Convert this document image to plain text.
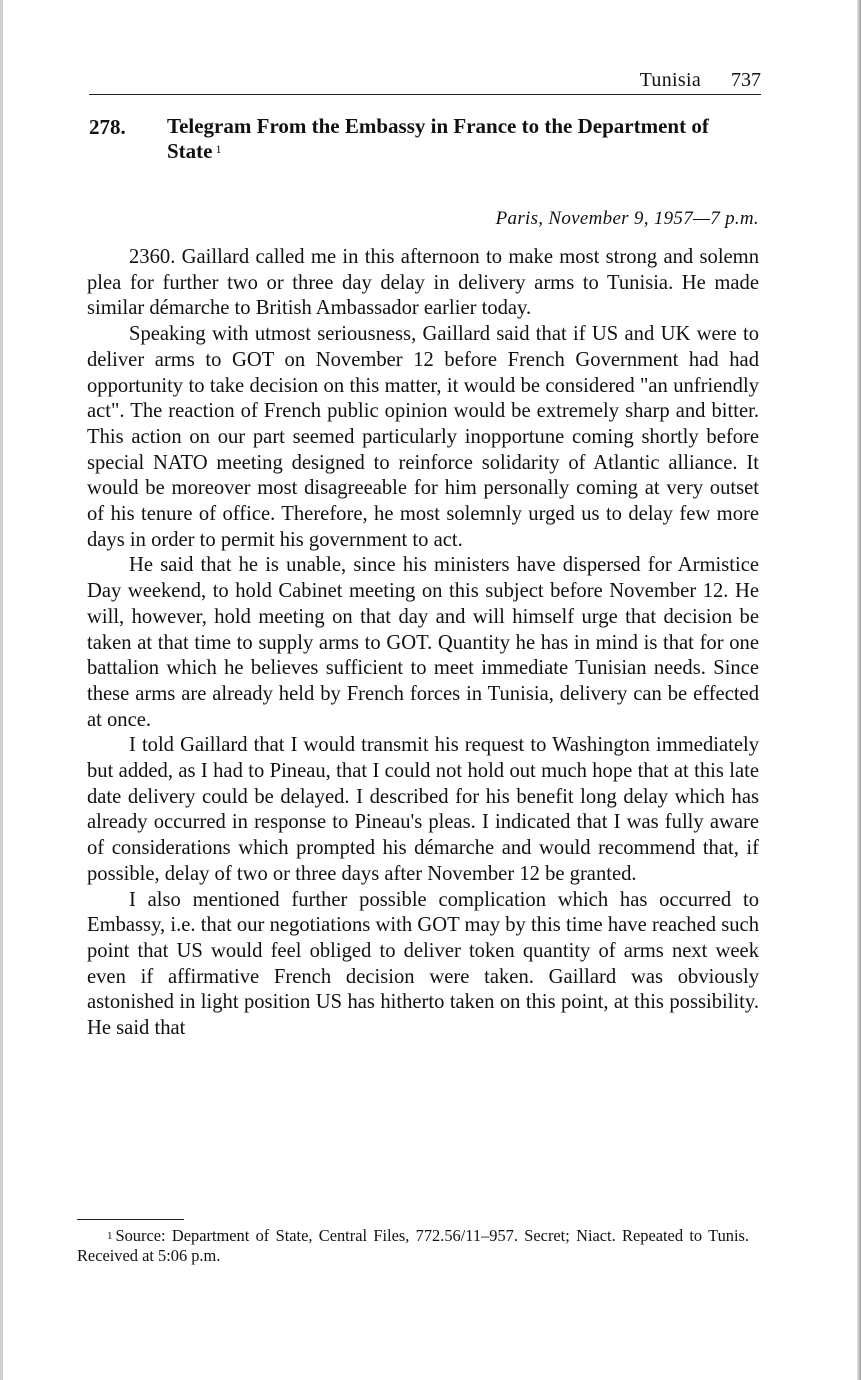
Tunisia 737
278. Telegram From the Embassy in France to the Department of State $^1$
Paris, November 9, 1957—7 p.m.

2360. Gaillard called me in this afternoon to make most strong and solemn plea for further two or three day delay in delivery arms to Tunisia. He made similar démarche to British Ambassador earlier today.

Speaking with utmost seriousness, Gaillard said that if US and UK were to deliver arms to GOT on November 12 before French Government had had opportunity to take decision on this matter, it would be considered "an unfriendly act". The reaction of French public opinion would be extremely sharp and bitter. This action on our part seemed particularly inopportune coming shortly before special NATO meeting designed to reinforce solidarity of Atlantic alliance. It would be moreover most disagreeable for him personally coming at very outset of his tenure of office. Therefore, he most solemnly urged us to delay few more days in order to permit his government to act.

He said that he is unable, since his ministers have dispersed for Armistice Day weekend, to hold Cabinet meeting on this subject before November 12. He will, however, hold meeting on that day and will himself urge that decision be taken at that time to supply arms to GOT. Quantity he has in mind is that for one battalion which he believes sufficient to meet immediate Tunisian needs. Since these arms are already held by French forces in Tunisia, delivery can be effected at once.

I told Gaillard that I would transmit his request to Washington immediately but added, as I had to Pineau, that I could not hold out much hope that at this late date delivery could be delayed. I described for his benefit long delay which has already occurred in response to Pineau's pleas. I indicated that I was fully aware of considerations which prompted his démarche and would recommend that, if possible, delay of two or three days after November 12 be granted.

I also mentioned further possible complication which has occurred to Embassy, i.e. that our negotiations with GOT may by this time have reached such point that US would feel obliged to deliver token quantity of arms next week even if affirmative French decision were taken. Gaillard was obviously astonished in light position US has hitherto taken on this point, at this possibility. He said that

$^1$ Source: Department of State, Central Files, 772.56/11–957. Secret; Niact. Repeated to Tunis. Received at 5:06 p.m.
